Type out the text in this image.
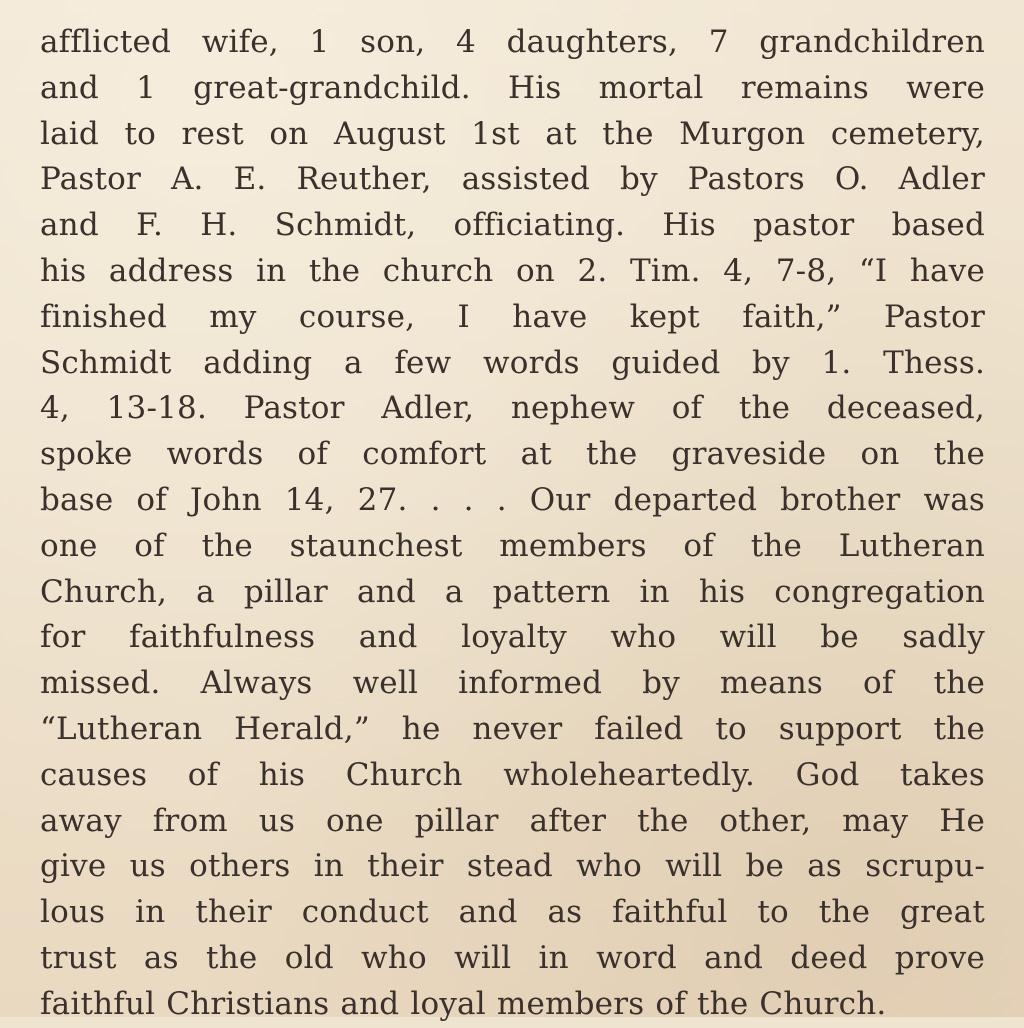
afflicted wife, 1 son, 4 daughters, 7 grandchildren
and 1 great-grandchild. His mortal remains were
laid to rest on August 1st at the Murgon cemetery,
Pastor A. E. Reuther, assisted by Pastors O. Adler
and F. H. Schmidt, officiating. His pastor based
his address in the church on 2. Tim. 4, 7-8, “I have
finished my course, I have kept faith,” Pastor
Schmidt adding a few words guided by 1. Thess.
4, 13-18. Pastor Adler, nephew of the deceased,
spoke words of comfort at the graveside on the
base of John 14, 27. . . . Our departed brother was
one of the staunchest members of the Lutheran
Church, a pillar and a pattern in his congregation
for faithfulness and loyalty who will be sadly
missed. Always well informed by means of the
“Lutheran Herald,” he never failed to support the
causes of his Church wholeheartedly. God takes
away from us one pillar after the other, may He
give us others in their stead who will be as scrupu-
lous in their conduct and as faithful to the great
trust as the old who will in word and deed prove
faithful Christians and loyal members of the Church.
